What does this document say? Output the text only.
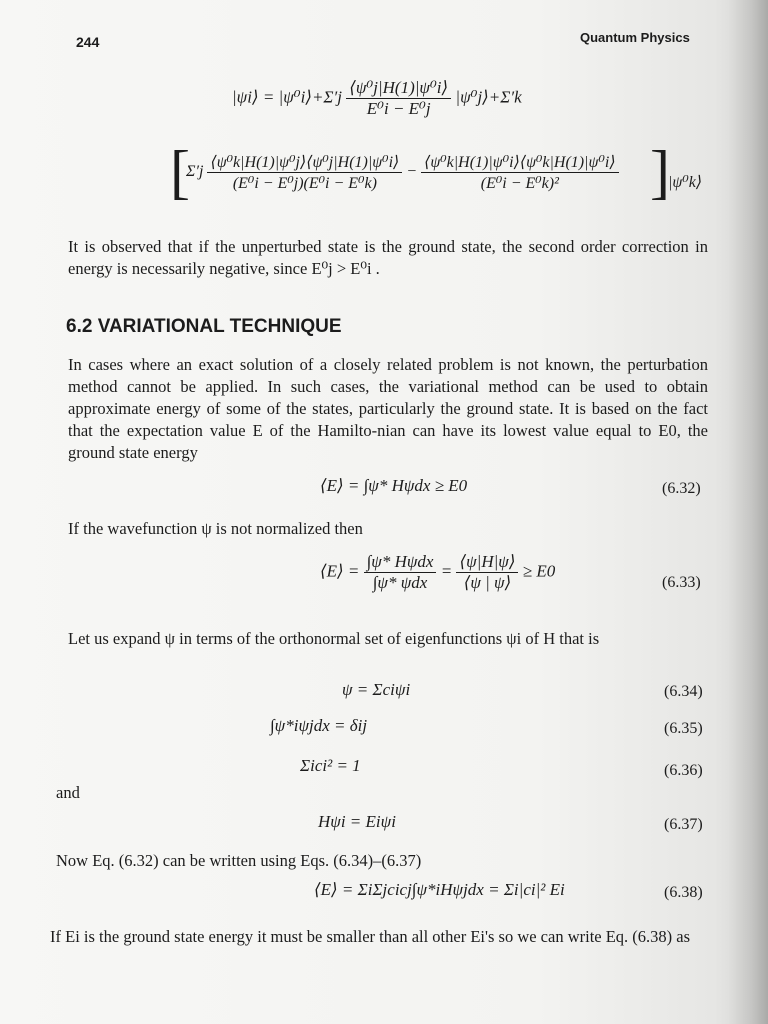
244	Quantum Physics
|ψi⟩ = |ψ⁰i⟩+Σ′j $\frac{\text{⟨ψ⁰j|H(1)|ψ⁰i⟩}}{\text{E⁰i − E⁰j}}$ |ψ⁰j⟩+Σ′k
[
$\Sigma'j \frac{\text{⟨ψ⁰k|H(1)|ψ⁰j⟩⟨ψ⁰j|H(1)|ψ⁰i⟩}}{\text{(E⁰i − E⁰j)(E⁰i − E⁰k)}} - \frac{\text{⟨ψ⁰k|H(1)|ψ⁰i⟩⟨ψ⁰k|H(1)|ψ⁰i⟩}}{\text{(E⁰i − E⁰k)²}}$ ]
|ψ⁰k⟩
It is observed that if the unperturbed state is the ground state, the second order correction in energy is necessarily negative, since E⁰j > E⁰i .
6.2 VARIATIONAL TECHNIQUE
In cases where an exact solution of a closely related problem is not known, the perturbation method cannot be applied. In such cases, the variational method can be used to obtain approximate energy of some of the states, particularly the ground state. It is based on the fact that the expectation value E of the Hamilto-nian can have its lowest value equal to E0, the ground state energy
⟨E⟩ = ∫ψ* Hψdx ≥ E0	(6.32)
If the wavefunction ψ is not normalized then
⟨E⟩ = $\frac{\text{∫ψ* Hψdx}}{\text{∫ψ* ψdx}} = \frac{⟨\psi|H|\psi⟩}{⟨\psi | \psi⟩} \ge E0$
(6.33)
Let us expand ψ in terms of the orthonormal set of eigenfunctions ψi of H that is
ψ = Σciψi	(6.34)
∫ψ*iψjdx = δij	(6.35)
Σici² = 1	(6.36)
and
Hψi = Eiψi	(6.37)
Now Eq. (6.32) can be written using Eqs. (6.34)–(6.37)
⟨E⟩ = ΣiΣjcicj∫ψ*iHψjdx = Σi|ci|² Ei	(6.38)
If Ei is the ground state energy it must be smaller than all other Ei's so we can write Eq. (6.38) as
